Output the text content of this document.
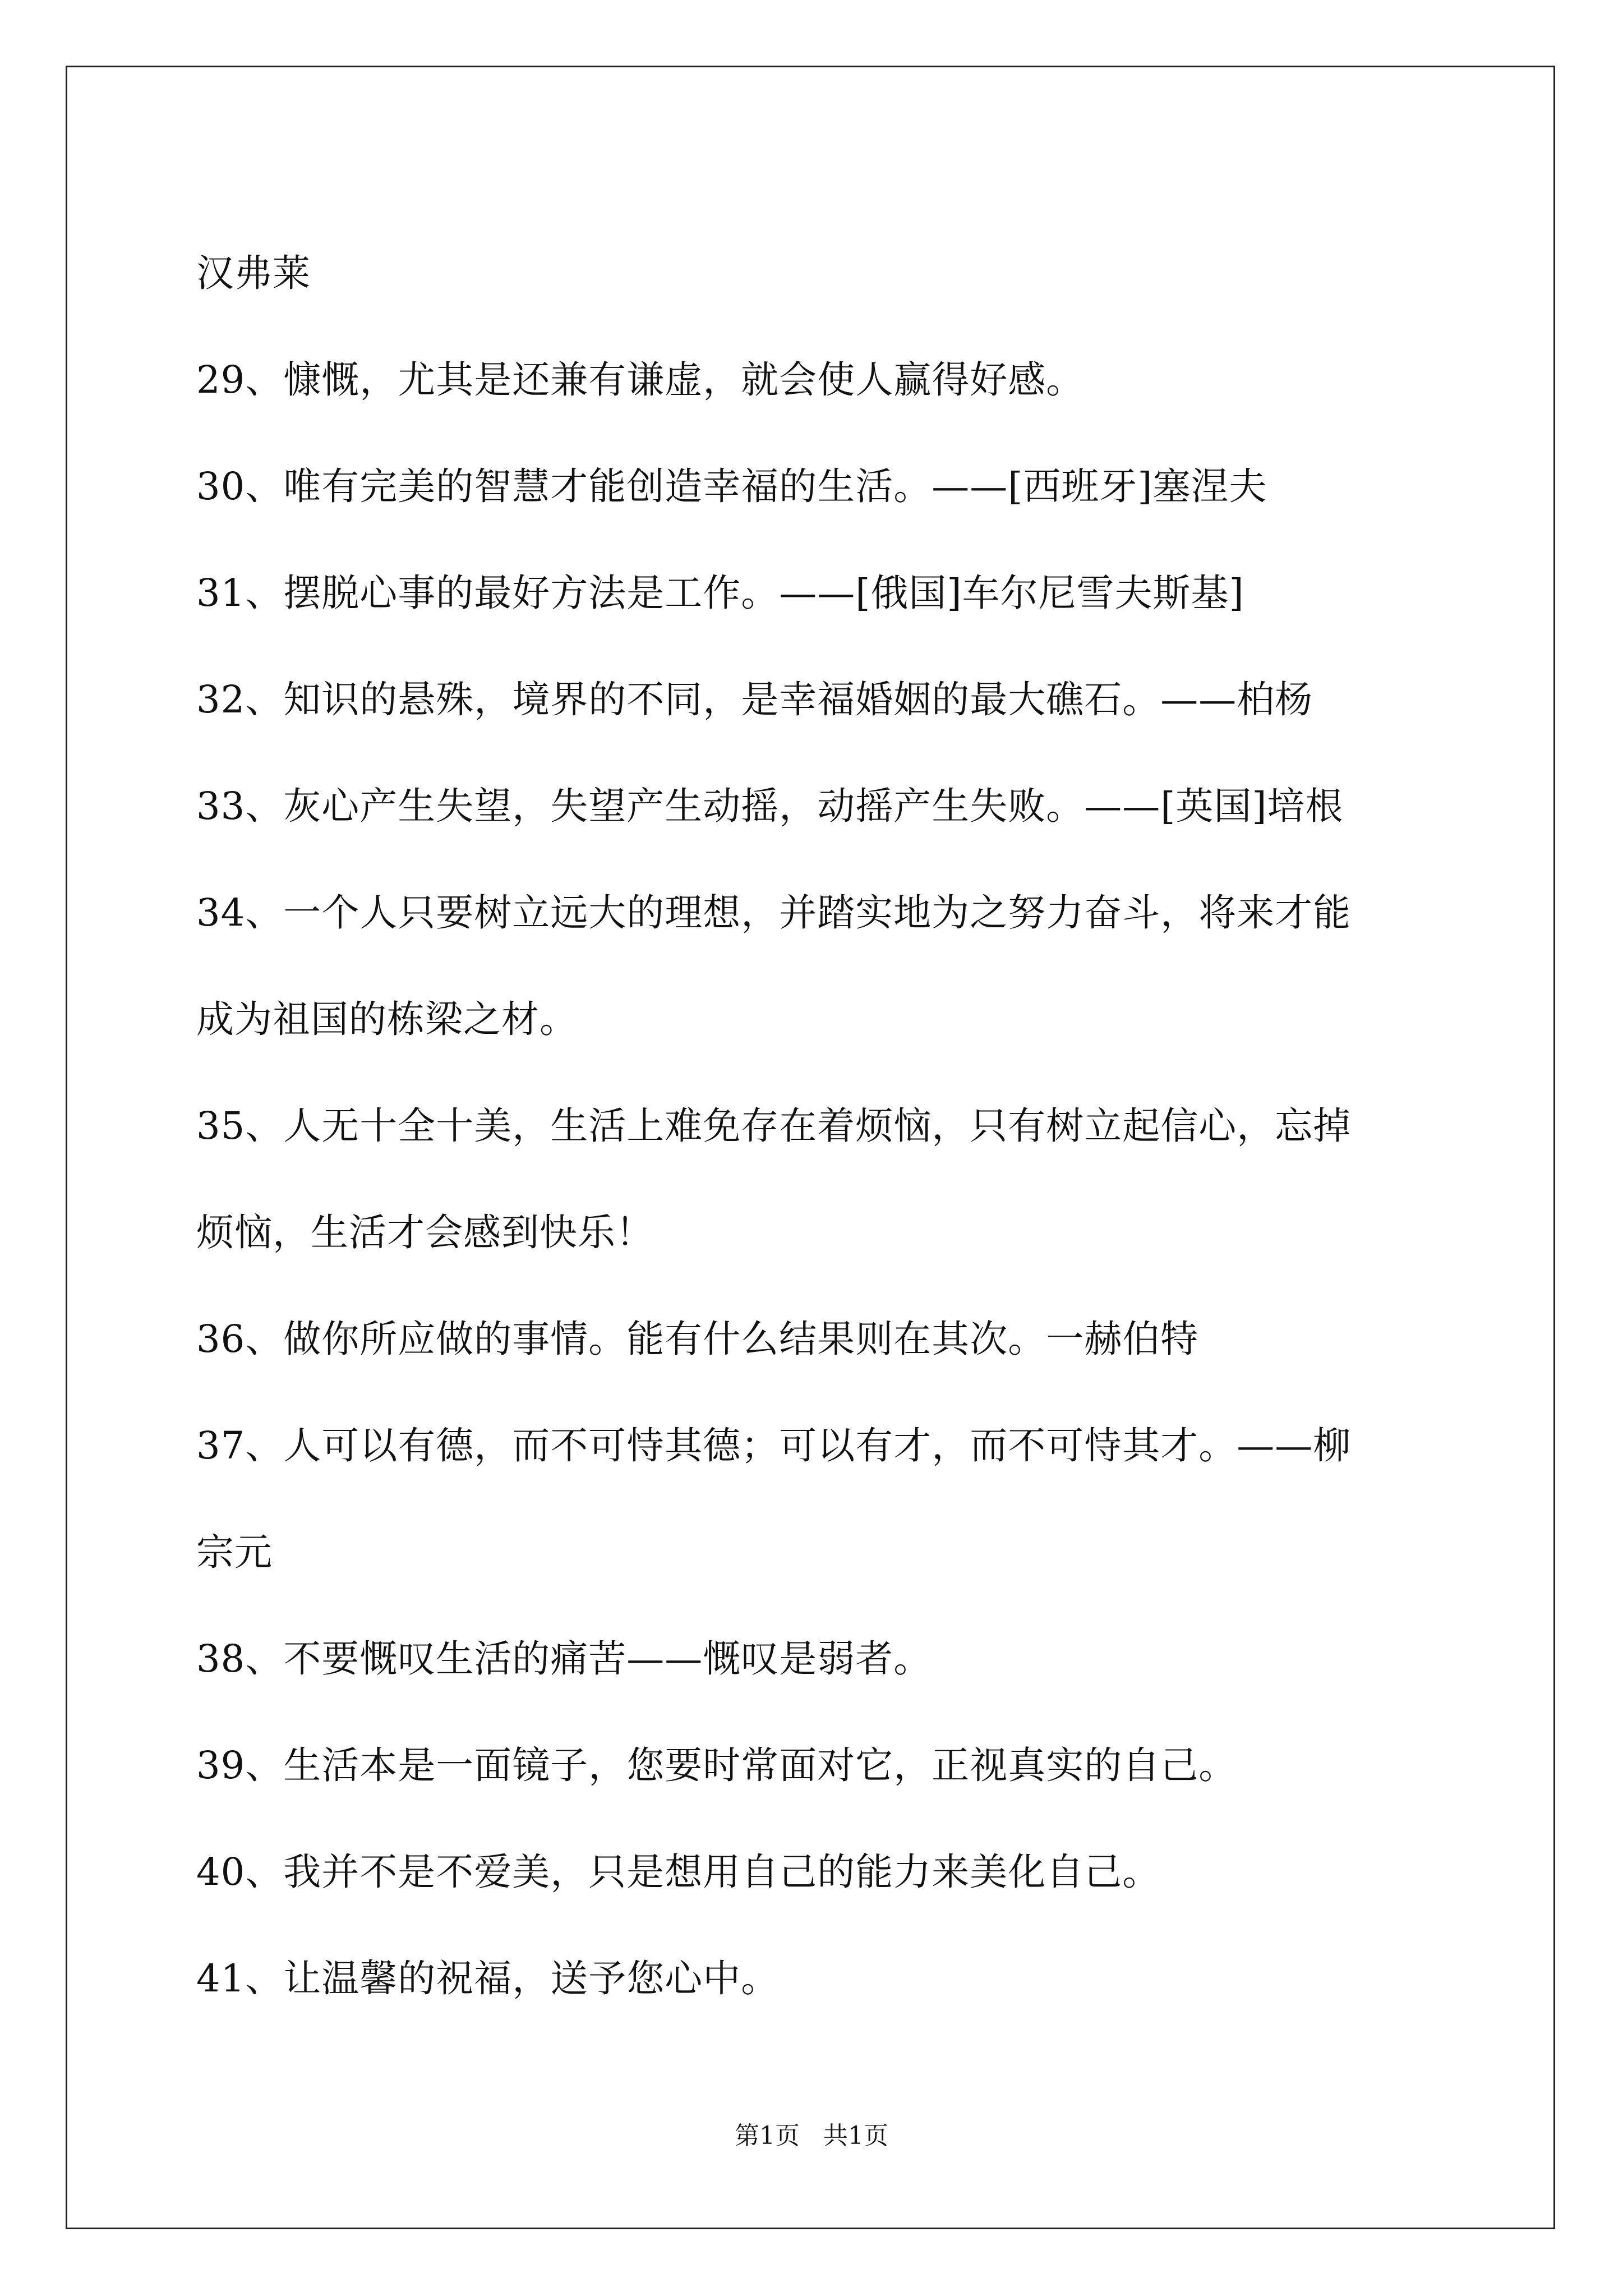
汉弗莱
29、慷慨，尤其是还兼有谦虚，就会使人赢得好感。
30、唯有完美的智慧才能创造幸福的生活。——[西班牙]塞涅夫
31、摆脱心事的最好方法是工作。——[俄国]车尔尼雪夫斯基]
32、知识的悬殊，境界的不同，是幸福婚姻的最大礁石。——柏杨
33、灰心产生失望，失望产生动摇，动摇产生失败。——[英国]培根
34、一个人只要树立远大的理想，并踏实地为之努力奋斗，将来才能
成为祖国的栋梁之材。
35、人无十全十美，生活上难免存在着烦恼，只有树立起信心，忘掉
烦恼，生活才会感到快乐！
36、做你所应做的事情。能有什么结果则在其次。一赫伯特
37、人可以有德，而不可恃其德；可以有才，而不可恃其才。——柳
宗元
38、不要慨叹生活的痛苦——慨叹是弱者。
39、生活本是一面镜子，您要时常面对它，正视真实的自己。
40、我并不是不爱美，只是想用自己的能力来美化自己。
41、让温馨的祝福，送予您心中。
第1页   共1页
